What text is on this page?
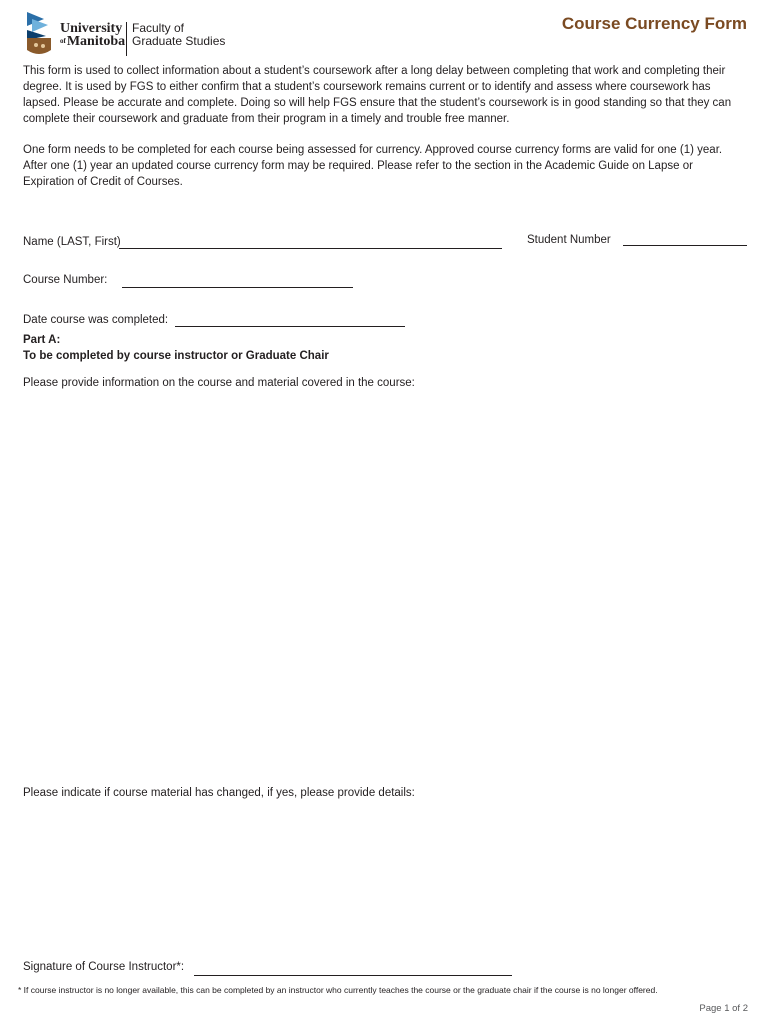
University
ofManitoba
Faculty of
Graduate Studies
Course Currency Form

This form is used to collect information about a student’s coursework after a long delay between completing that work and completing their degree. It is used by FGS to either confirm that a student’s coursework remains current or to identify and assess where coursework has lapsed. Please be accurate and complete. Doing so will help FGS ensure that the student’s coursework is in good standing so that they can complete their coursework and graduate from their program in a timely and trouble free manner.

One form needs to be completed for each course being assessed for currency. Approved course currency forms are valid for one (1) year. After one (1) year an updated course currency form may be required. Please refer to the section in the Academic Guide on Lapse or Expiration of Credit of Courses.

Name (LAST, First)	Student Number
Course Number:
Date course was completed:
Part A:
To be completed by course instructor or Graduate Chair
Please provide information on the course and material covered in the course:
Please indicate if course material has changed, if yes, please provide details:
Signature of Course Instructor*:
* If course instructor is no longer available, this can be completed by an instructor who currently teaches the course or the graduate chair if the course is no longer offered.
Page 1 of 2
